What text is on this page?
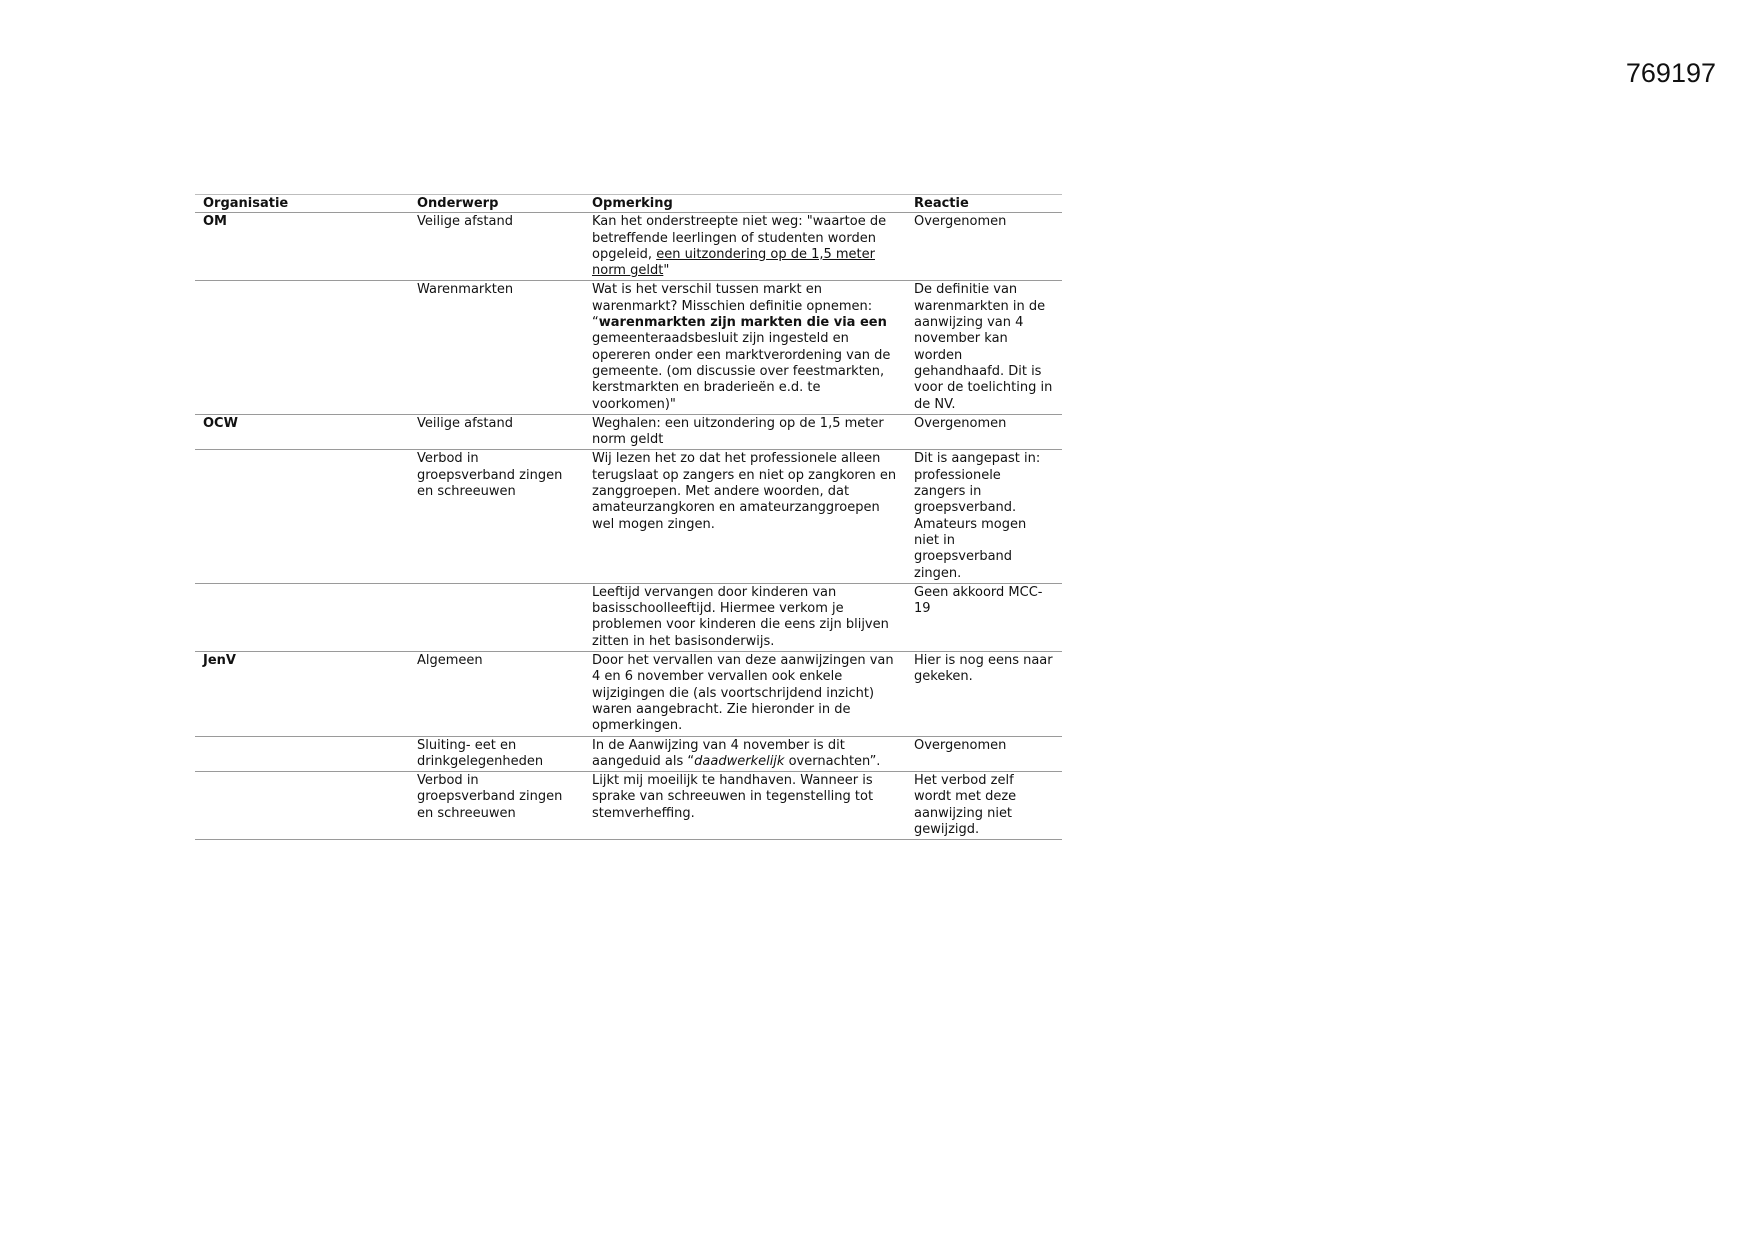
769197
Organisatie	Onderwerp	Opmerking	Reactie
OM	Veilige afstand	Kan het onderstreepte niet weg: "waartoe de betreffende leerlingen of studenten worden opgeleid, een uitzondering op de 1,5 meter norm geldt"	Overgenomen
	Warenmarkten	Wat is het verschil tussen markt en warenmarkt? Misschien definitie opnemen: “warenmarkten zijn markten die via een gemeenteraadsbesluit zijn ingesteld en opereren onder een marktverordening van de gemeente. (om discussie over feestmarkten, kerstmarkten en braderieën e.d. te voorkomen)"	De definitie van warenmarkten in de aanwijzing van 4 november kan worden gehandhaafd. Dit is voor de toelichting in de NV.
OCW	Veilige afstand	Weghalen: een uitzondering op de 1,5 meter norm geldt	Overgenomen
	Verbod in groepsverband zingen en schreeuwen	Wij lezen het zo dat het professionele alleen terugslaat op zangers en niet op zangkoren en zanggroepen. Met andere woorden, dat amateurzangkoren en amateurzanggroepen wel mogen zingen.	Dit is aangepast in: professionele zangers in groepsverband. Amateurs mogen niet in groepsverband zingen.
		Leeftijd vervangen door kinderen van basisschoolleeftijd. Hiermee verkom je problemen voor kinderen die eens zijn blijven zitten in het basisonderwijs.	Geen akkoord MCC-19
JenV	Algemeen	Door het vervallen van deze aanwijzingen van 4 en 6 november vervallen ook enkele wijzigingen die (als voortschrijdend inzicht) waren aangebracht. Zie hieronder in de opmerkingen.	Hier is nog eens naar gekeken.
	Sluiting- eet en drinkgelegenheden	In de Aanwijzing van 4 november is dit aangeduid als “daadwerkelijk overnachten”.	Overgenomen
	Verbod in groepsverband zingen en schreeuwen	Lijkt mij moeilijk te handhaven. Wanneer is sprake van schreeuwen in tegenstelling tot stemverheffing.	Het verbod zelf wordt met deze aanwijzing niet gewijzigd.
